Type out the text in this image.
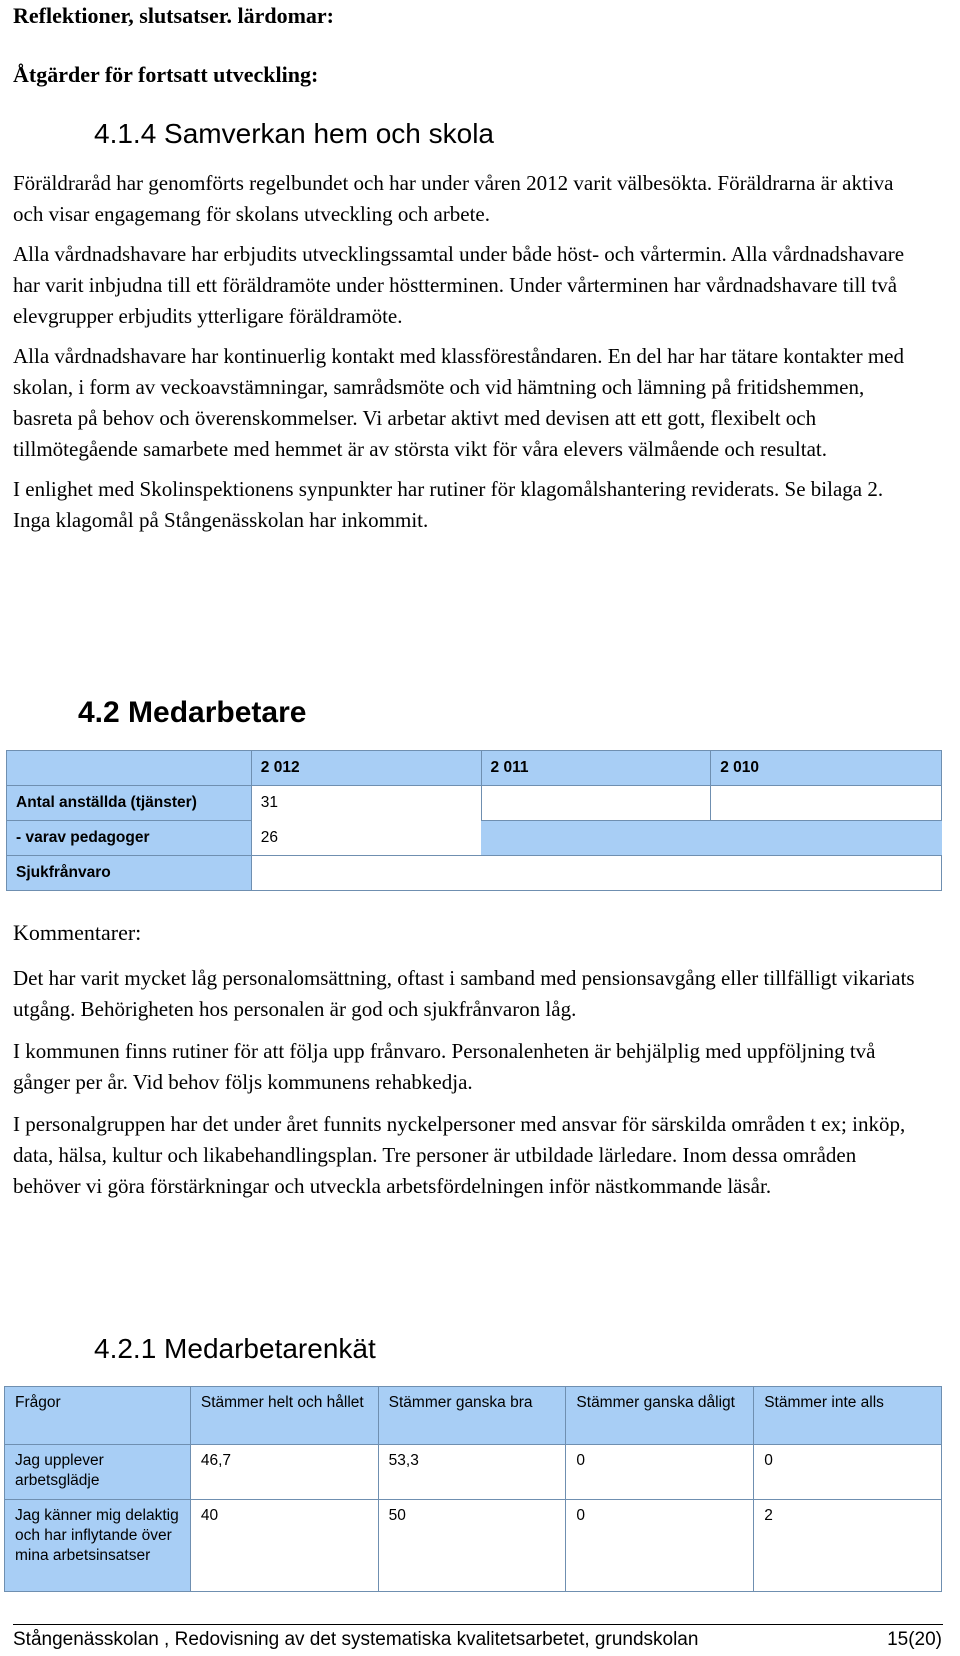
Reflektioner, slutsatser. lärdomar:
Åtgärder för fortsatt utveckling:
4.1.4 Samverkan hem och skola

Föräldraråd har genomförts regelbundet och har under våren 2012 varit välbesökta. Föräldrarna är aktiva och visar engagemang för skolans utveckling och arbete.

Alla vårdnadshavare har erbjudits utvecklingssamtal under både höst- och vårtermin. Alla vårdnadshavare har varit inbjudna till ett föräldramöte under höstterminen. Under vårterminen har vårdnadshavare till två elevgrupper erbjudits ytterligare föräldramöte.

Alla vårdnadshavare har kontinuerlig kontakt med klassföreståndaren. En del har har tätare kontakter med skolan, i form av veckoavstämningar, samrådsmöte och vid hämtning och lämning på fritidshemmen, basreta på behov och överenskommelser. Vi arbetar aktivt med devisen att ett gott, flexibelt och tillmötegående samarbete med hemmet är av största vikt för våra elevers välmående och resultat.

I enlighet med Skolinspektionens synpunkter har rutiner för klagomålshantering reviderats. Se bilaga 2. Inga klagomål på Stångenässkolan har inkommit.

4.2 Medarbetare
	2 012	2 011	2 010
Antal anställda (tjänster)	31		
- varav pedagoger	26		
Sjukfrånvaro			
Kommentarer:

Det har varit mycket låg personalomsättning, oftast i samband med pensionsavgång eller tillfälligt vikariats utgång. Behörigheten hos personalen är god och sjukfrånvaron låg.

I kommunen finns rutiner för att följa upp frånvaro. Personalenheten är behjälplig med uppföljning två gånger per år. Vid behov följs kommunens rehabkedja.

I personalgruppen har det under året funnits nyckelpersoner med ansvar för särskilda områden t ex; inköp, data, hälsa, kultur och likabehandlingsplan. Tre personer är utbildade lärledare. Inom dessa områden behöver vi göra förstärkningar och utveckla arbetsfördelningen inför nästkommande läsår.

4.2.1 Medarbetarenkät
Frågor	Stämmer helt och hållet	Stämmer ganska bra	Stämmer ganska dåligt	Stämmer inte alls
Jag upplever arbetsglädje	46,7	53,3	0	0
Jag känner mig delaktig och har inflytande över mina arbetsinsatser	40	50	0	2
Stångenässkolan , Redovisning av det systematiska kvalitetsarbetet, grundskolan	15(20)
